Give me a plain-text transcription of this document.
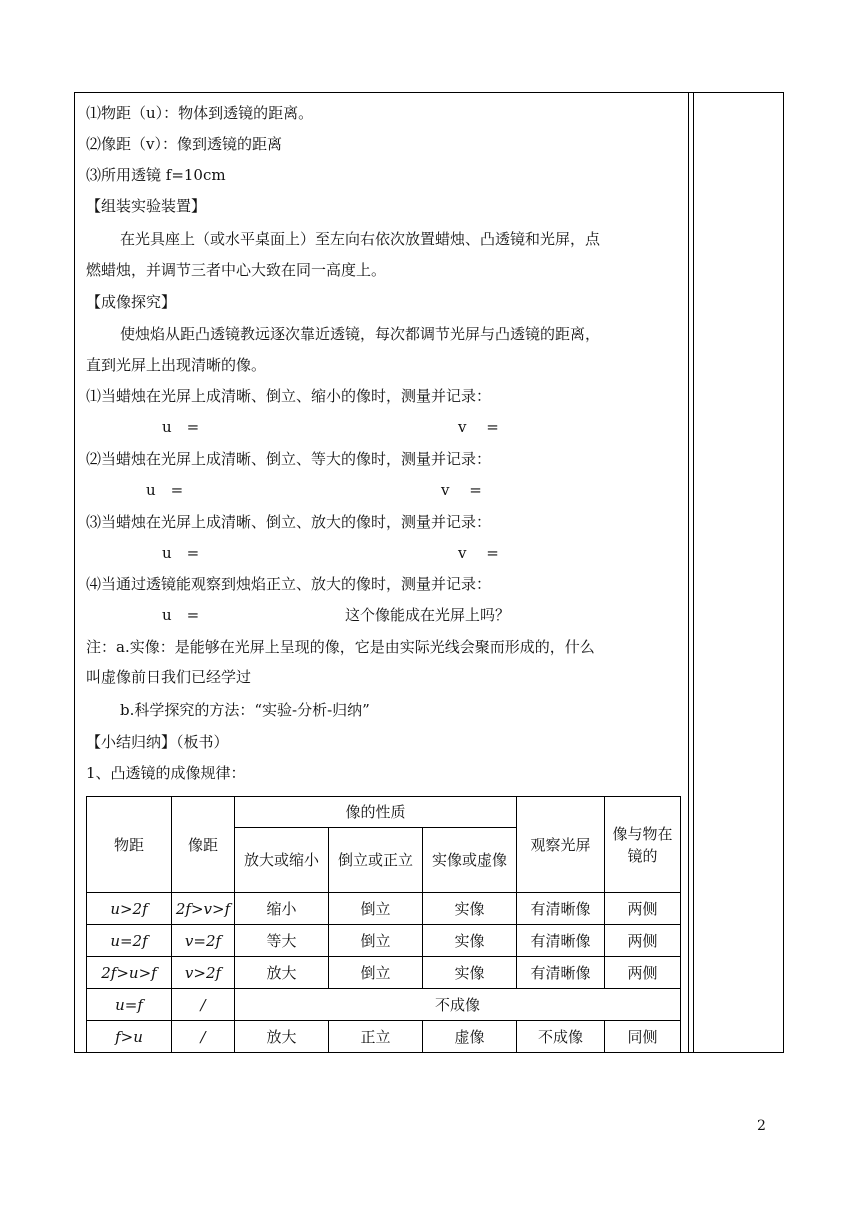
⑴物距（u）：物体到透镜的距离。
⑵像距（v）：像到透镜的距离
⑶所用透镜 f=10cm
【组装实验装置】
在光具座上（或水平桌面上）至左向右依次放置蜡烛、凸透镜和光屏，点
燃蜡烛，并调节三者中心大致在同一高度上。
【成像探究】
使烛焰从距凸透镜教远逐次靠近透镜，每次都调节光屏与凸透镜的距离，
直到光屏上出现清晰的像。
⑴当蜡烛在光屏上成清晰、倒立、缩小的像时，测量并记录：
u　=	v　 =
⑵当蜡烛在光屏上成清晰、倒立、等大的像时，测量并记录：
u　=	v　 =
⑶当蜡烛在光屏上成清晰、倒立、放大的像时，测量并记录：
u　=	v　 =
⑷当通过透镜能观察到烛焰正立、放大的像时，测量并记录：
u　=	这个像能成在光屏上吗？
注：a.实像：是能够在光屏上呈现的像，它是由实际光线会聚而形成的，什么
叫虚像前日我们已经学过
b.科学探究的方法：“实验-分析-归纳”
【小结归纳】（板书）
1、凸透镜的成像规律：
物距	像距	像的性质			观察光屏	像与物在镜的
		放大或缩小	倒立或正立	实像或虚像		
u>2f	2f>v>f	缩小	倒立	实像	有清晰像	两侧
u=2f	v=2f	等大	倒立	实像	有清晰像	两侧
2f>u>f	v>2f	放大	倒立	实像	有清晰像	两侧
u=f	/	不成像				
f>u	/	放大	正立	虚像	不成像	同侧
2
